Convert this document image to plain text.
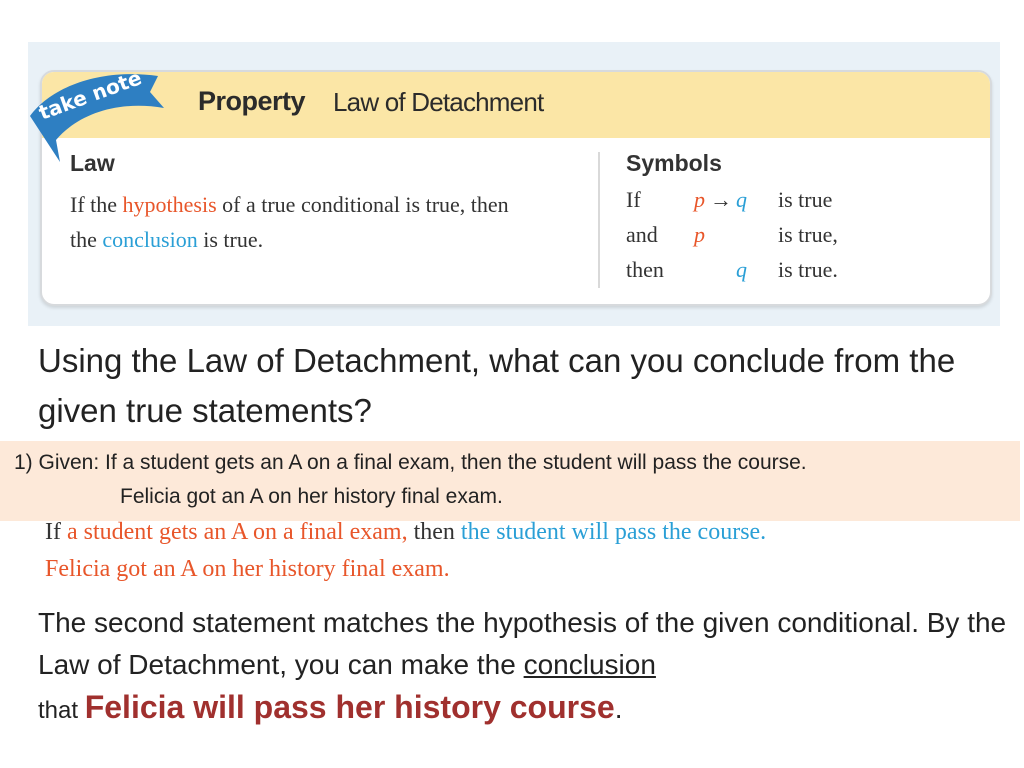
Property Law of Detachment
Law
If the hypothesis of a true conditional is true, then
the conclusion is true.
Symbols
If p → q is true
and p	is true,
then	q is true.
take note
Using the Law of Detachment, what can you conclude from the given true statements?
1) Given: If a student gets an A on a final exam, then the student will pass the course.
Felicia got an A on her history final exam.
If a student gets an A on a final exam, then the student will pass the course.
Felicia got an A on her history final exam.
The second statement matches the hypothesis of the given conditional. By the Law of Detachment, you can make the conclusion
that Felicia will pass her history course.
